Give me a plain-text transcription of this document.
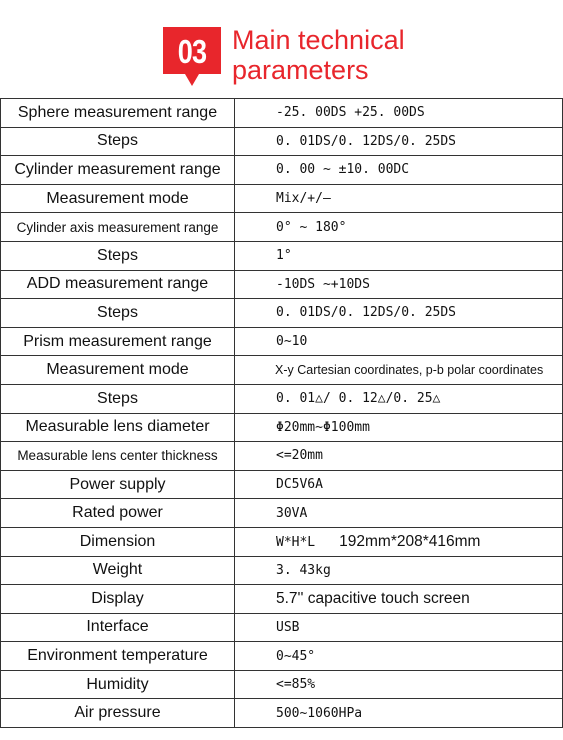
03 Main technical
parameters
Sphere measurement range	-25. 00DS +25. 00DS
Steps	0. 01DS/0. 12DS/0. 25DS
Cylinder measurement range	0. 00 ~ ±10. 00DC
Measurement mode	Mix/+/—
Cylinder axis measurement range	0° ~ 180°
Steps	1°
ADD measurement range	-10DS ~+10DS
Steps	0. 01DS/0. 12DS/0. 25DS
Prism measurement range	0~10
Measurement mode	X-y Cartesian coordinates, p-b polar coordinates
Steps	0. 01△/ 0. 12△/0. 25△
Measurable lens diameter	Φ20mm~Φ100mm
Measurable lens center thickness	<=20mm
Power supply	DC5V6A
Rated power	30VA
Dimension	W*H*L 192mm*208*416mm
Weight	3. 43kg
Display	5.7'' capacitive touch screen
Interface	USB
Environment temperature	0~45°
Humidity	<=85%
Air pressure	500~1060HPa
